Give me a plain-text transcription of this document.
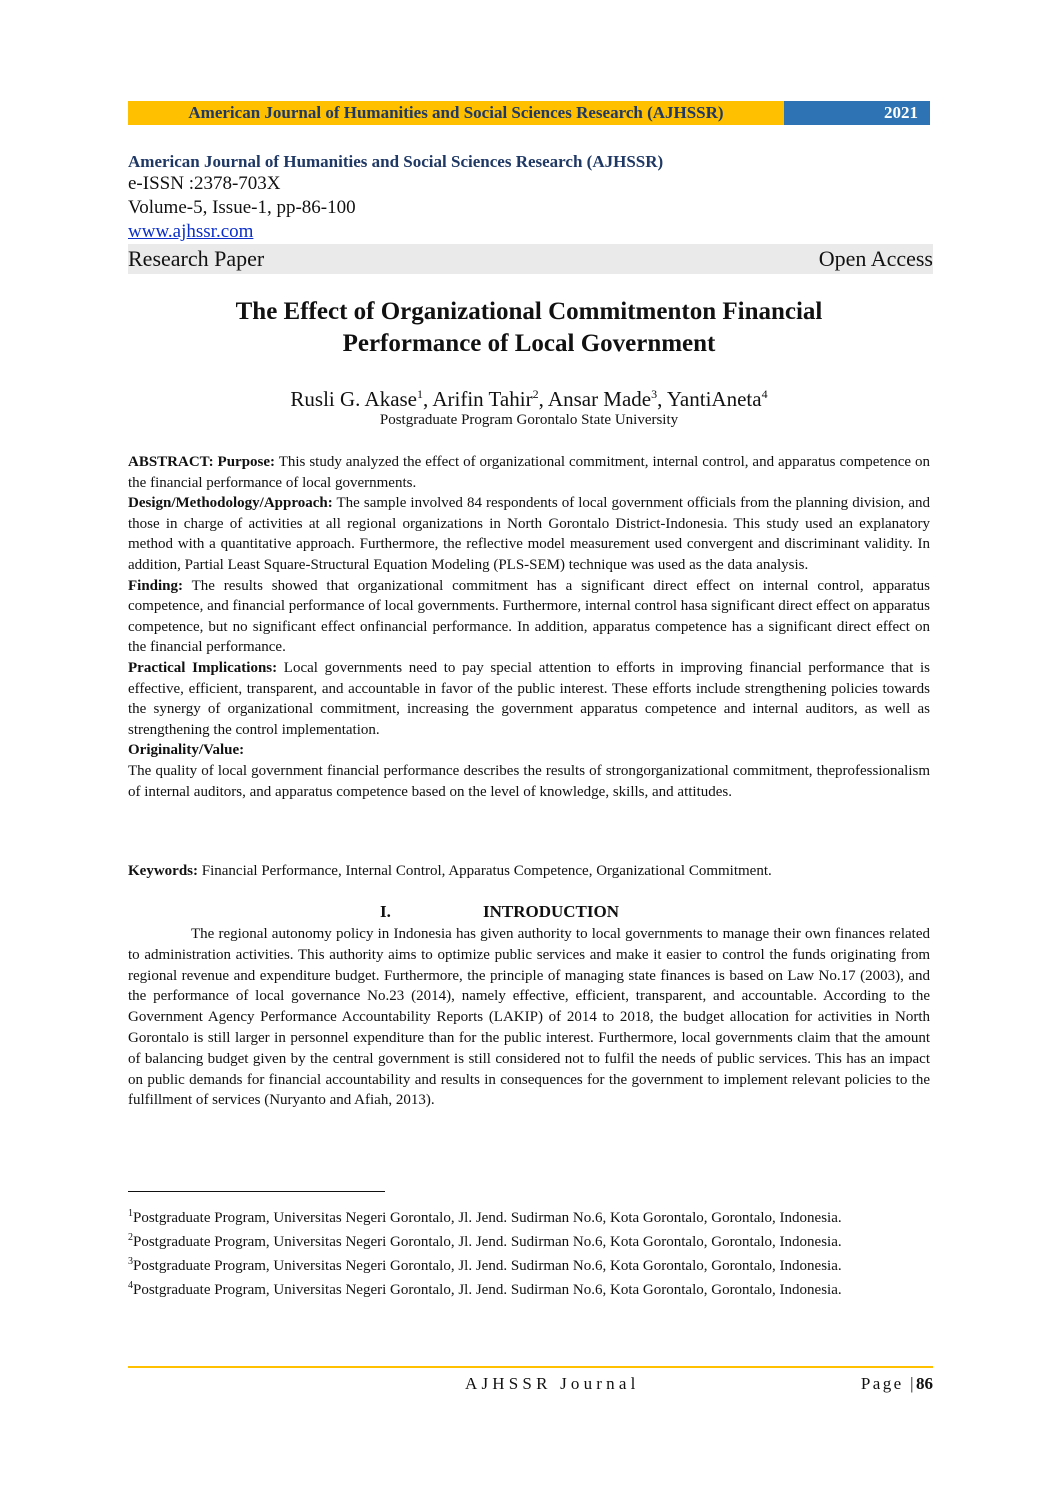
American Journal of Humanities and Social Sciences Research (AJHSSR)	2021
American Journal of Humanities and Social Sciences Research (AJHSSR)
e-ISSN :2378-703X
Volume-5, Issue-1, pp-86-100
www.ajhssr.com
Research Paper	Open Access
The Effect of Organizational Commitmenton Financial
Performance of Local Government
Rusli G. Akase$^1$, Arifin Tahir$^2$, Ansar Made$^3$, YantiAneta$^4$
Postgraduate Program Gorontalo State University

ABSTRACT: Purpose: This study analyzed the effect of organizational commitment, internal control, and apparatus competence on the financial performance of local governments.

Design/Methodology/Approach: The sample involved 84 respondents of local government officials from the planning division, and those in charge of activities at all regional organizations in North Gorontalo District-Indonesia. This study used an explanatory method with a quantitative approach. Furthermore, the reflective model measurement used convergent and discriminant validity. In addition, Partial Least Square-Structural Equation Modeling (PLS-SEM) technique was used as the data analysis.

Finding: The results showed that organizational commitment has a significant direct effect on internal control, apparatus competence, and financial performance of local governments. Furthermore, internal control hasa significant direct effect on apparatus competence, but no significant effect onfinancial performance. In addition, apparatus competence has a significant direct effect on the financial performance.

Practical Implications: Local governments need to pay special attention to efforts in improving financial performance that is effective, efficient, transparent, and accountable in favor of the public interest. These efforts include strengthening policies towards the synergy of organizational commitment, increasing the government apparatus competence and internal auditors, as well as strengthening the control implementation.

Originality/Value:

The quality of local government financial performance describes the results of strongorganizational commitment, theprofessionalism of internal auditors, and apparatus competence based on the level of knowledge, skills, and attitudes.

Keywords: Financial Performance, Internal Control, Apparatus Competence, Organizational Commitment.
I.	INTRODUCTION

The regional autonomy policy in Indonesia has given authority to local governments to manage their own finances related to administration activities. This authority aims to optimize public services and make it easier to control the funds originating from regional revenue and expenditure budget. Furthermore, the principle of managing state finances is based on Law No.17 (2003), and the performance of local governance No.23 (2014), namely effective, efficient, transparent, and accountable. According to the Government Agency Performance Accountability Reports (LAKIP) of 2014 to 2018, the budget allocation for activities in North Gorontalo is still larger in personnel expenditure than for the public interest. Furthermore, local governments claim that the amount of balancing budget given by the central government is still considered not to fulfil the needs of public services. This has an impact on public demands for financial accountability and results in consequences for the government to implement relevant policies to the fulfillment of services (Nuryanto and Afiah, 2013).

$^1$Postgraduate Program, Universitas Negeri Gorontalo, Jl. Jend. Sudirman No.6, Kota Gorontalo, Gorontalo, Indonesia.

$^2$Postgraduate Program, Universitas Negeri Gorontalo, Jl. Jend. Sudirman No.6, Kota Gorontalo, Gorontalo, Indonesia.

$^3$Postgraduate Program, Universitas Negeri Gorontalo, Jl. Jend. Sudirman No.6, Kota Gorontalo, Gorontalo, Indonesia.

$^4$Postgraduate Program, Universitas Negeri Gorontalo, Jl. Jend. Sudirman No.6, Kota Gorontalo, Gorontalo, Indonesia.

AJHSSR Journal	Page |86
